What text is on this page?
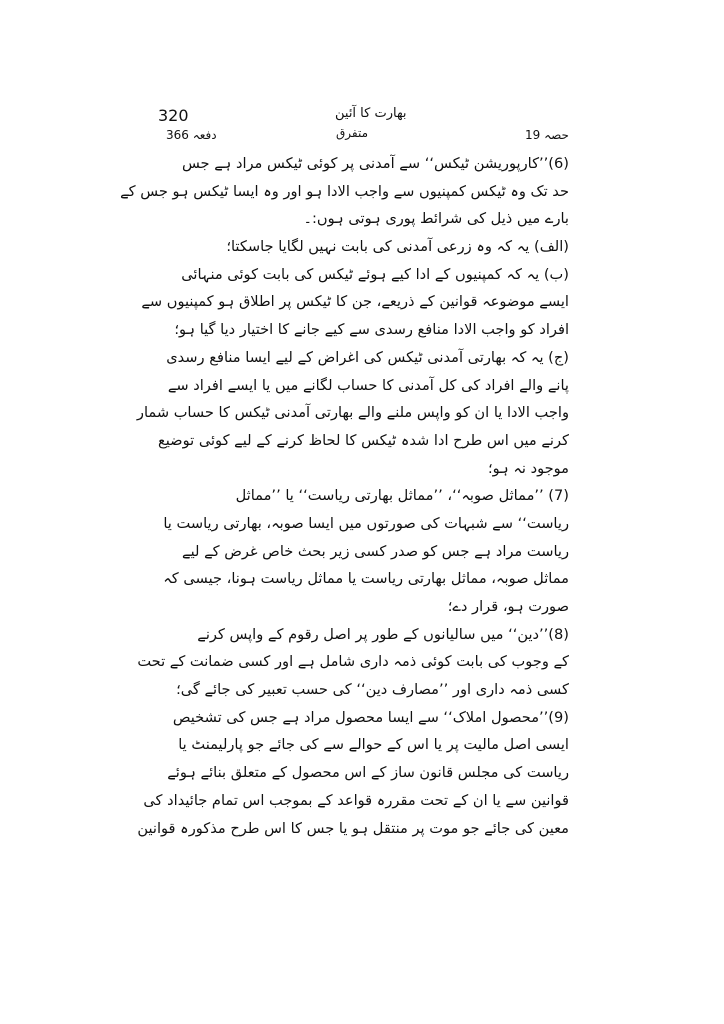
320	بھارت کا آئین
متفرق
دفعہ 366	حصہ 19
(6)’’کارپوریشن ٹیکس‘‘ سے آمدنی پر کوئی ٹیکس مراد ہے جس
حد تک وہ ٹیکس کمپنیوں سے واجب الادا ہو اور وہ ایسا ٹیکس ہو جس کے
بارے میں ذیل کی شرائط پوری ہوتی ہوں:۔
(الف) یہ کہ وہ زرعی آمدنی کی بابت نہیں لگایا جاسکتا؛
(ب) یہ کہ کمپنیوں کے ادا کیے ہوئے ٹیکس کی بابت کوئی منہائی
ایسے موضوعہ قوانین کے ذریعے، جن کا ٹیکس پر اطلاق ہو کمپنیوں سے
افراد کو واجب الادا منافع رسدی سے کیے جانے کا اختیار دیا گیا ہو؛
(ج) یہ کہ بھارتی آمدنی ٹیکس کی اغراض کے لیے ایسا منافع رسدی
پانے والے افراد کی کل آمدنی کا حساب لگانے میں یا ایسے افراد سے
واجب الادا یا ان کو واپس ملنے والے بھارتی آمدنی ٹیکس کا حساب شمار
کرنے میں اس طرح ادا شدہ ٹیکس کا لحاظ کرنے کے لیے کوئی توضیع
موجود نہ ہو؛
(7) ’’مماثل صوبہ‘‘، ’’مماثل بھارتی ریاست‘‘ یا ’’مماثل
ریاست‘‘ سے شبہات کی صورتوں میں ایسا صوبہ، بھارتی ریاست یا
ریاست مراد ہے جس کو صدر کسی زیر بحث خاص غرض کے لیے
مماثل صوبہ، مماثل بھارتی ریاست یا مماثل ریاست ہونا، جیسی کہ
صورت ہو، قرار دے؛
(8)’’دین‘‘ میں سالیانوں کے طور پر اصل رقوم کے واپس کرنے
کے وجوب کی بابت کوئی ذمہ داری شامل ہے اور کسی ضمانت کے تحت
کسی ذمہ داری اور ’’مصارف دین‘‘ کی حسب تعبیر کی جائے گی؛
(9)’’محصول املاک‘‘ سے ایسا محصول مراد ہے جس کی تشخیص
ایسی اصل مالیت پر یا اس کے حوالے سے کی جائے جو پارلیمنٹ یا
ریاست کی مجلس قانون ساز کے اس محصول کے متعلق بنائے ہوئے
قوانین سے یا ان کے تحت مقررہ قواعد کے بموجب اس تمام جائیداد کی
معین کی جائے جو موت پر منتقل ہو یا جس کا اس طرح مذکورہ قوانین
